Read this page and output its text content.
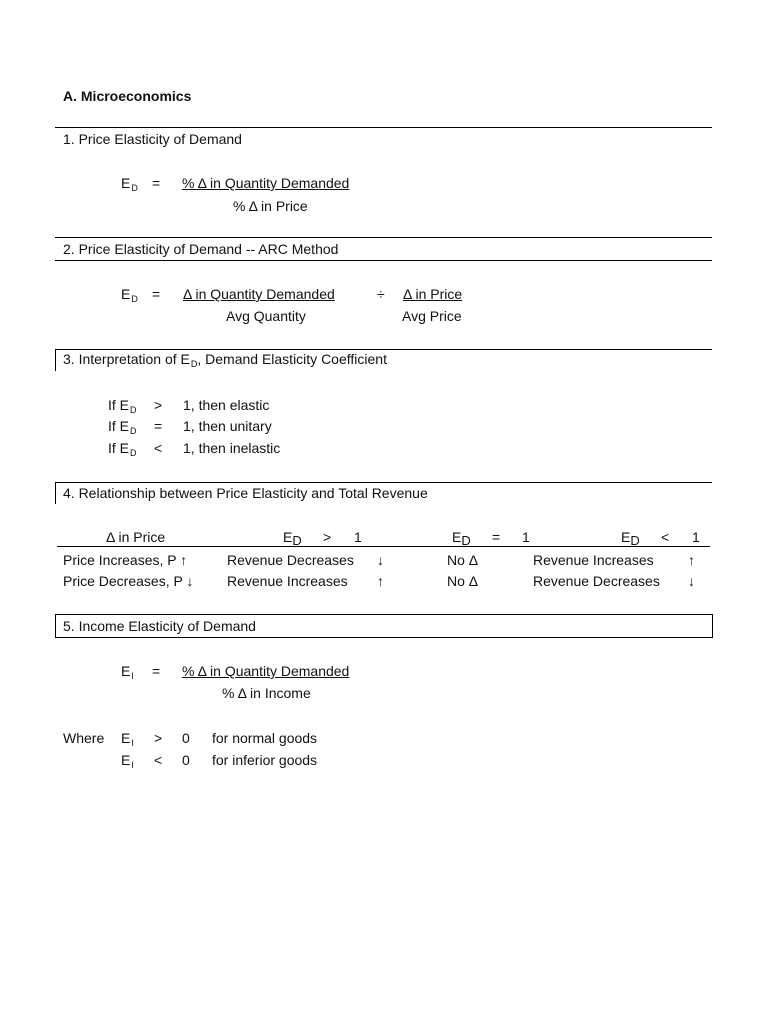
A. Microeconomics
1. Price Elasticity of Demand
$E_D$ = % Δ in Quantity Demanded
% Δ in Price
2. Price Elasticity of Demand -- ARC Method
$E_D = \Delta$ in Quantity Demanded
Avg Quantity
÷ Δ in Price
Avg Price
3. Interpretation of $E_D$, Demand Elasticity Coefficient
If $E_D > 1$, then elastic
If $E_D = 1$, then unitary
If $E_D < 1$, then inelastic
4. Relationship between Price Elasticity and Total Revenue
Δ in Price	ED > 1	ED = 1	ED < 1
Price Increases, P ↑	Revenue Decreases ↓	No Δ	Revenue Increases ↑
Price Decreases, P ↓ Revenue Increases ↑	No Δ	Revenue Decreases ↓
5. Income Elasticity of Demand
$E_I$ = % Δ in Quantity Demanded
% Δ in Income
Where $E_I > 0$ for normal goods
$E_I < 0$ for inferior goods
